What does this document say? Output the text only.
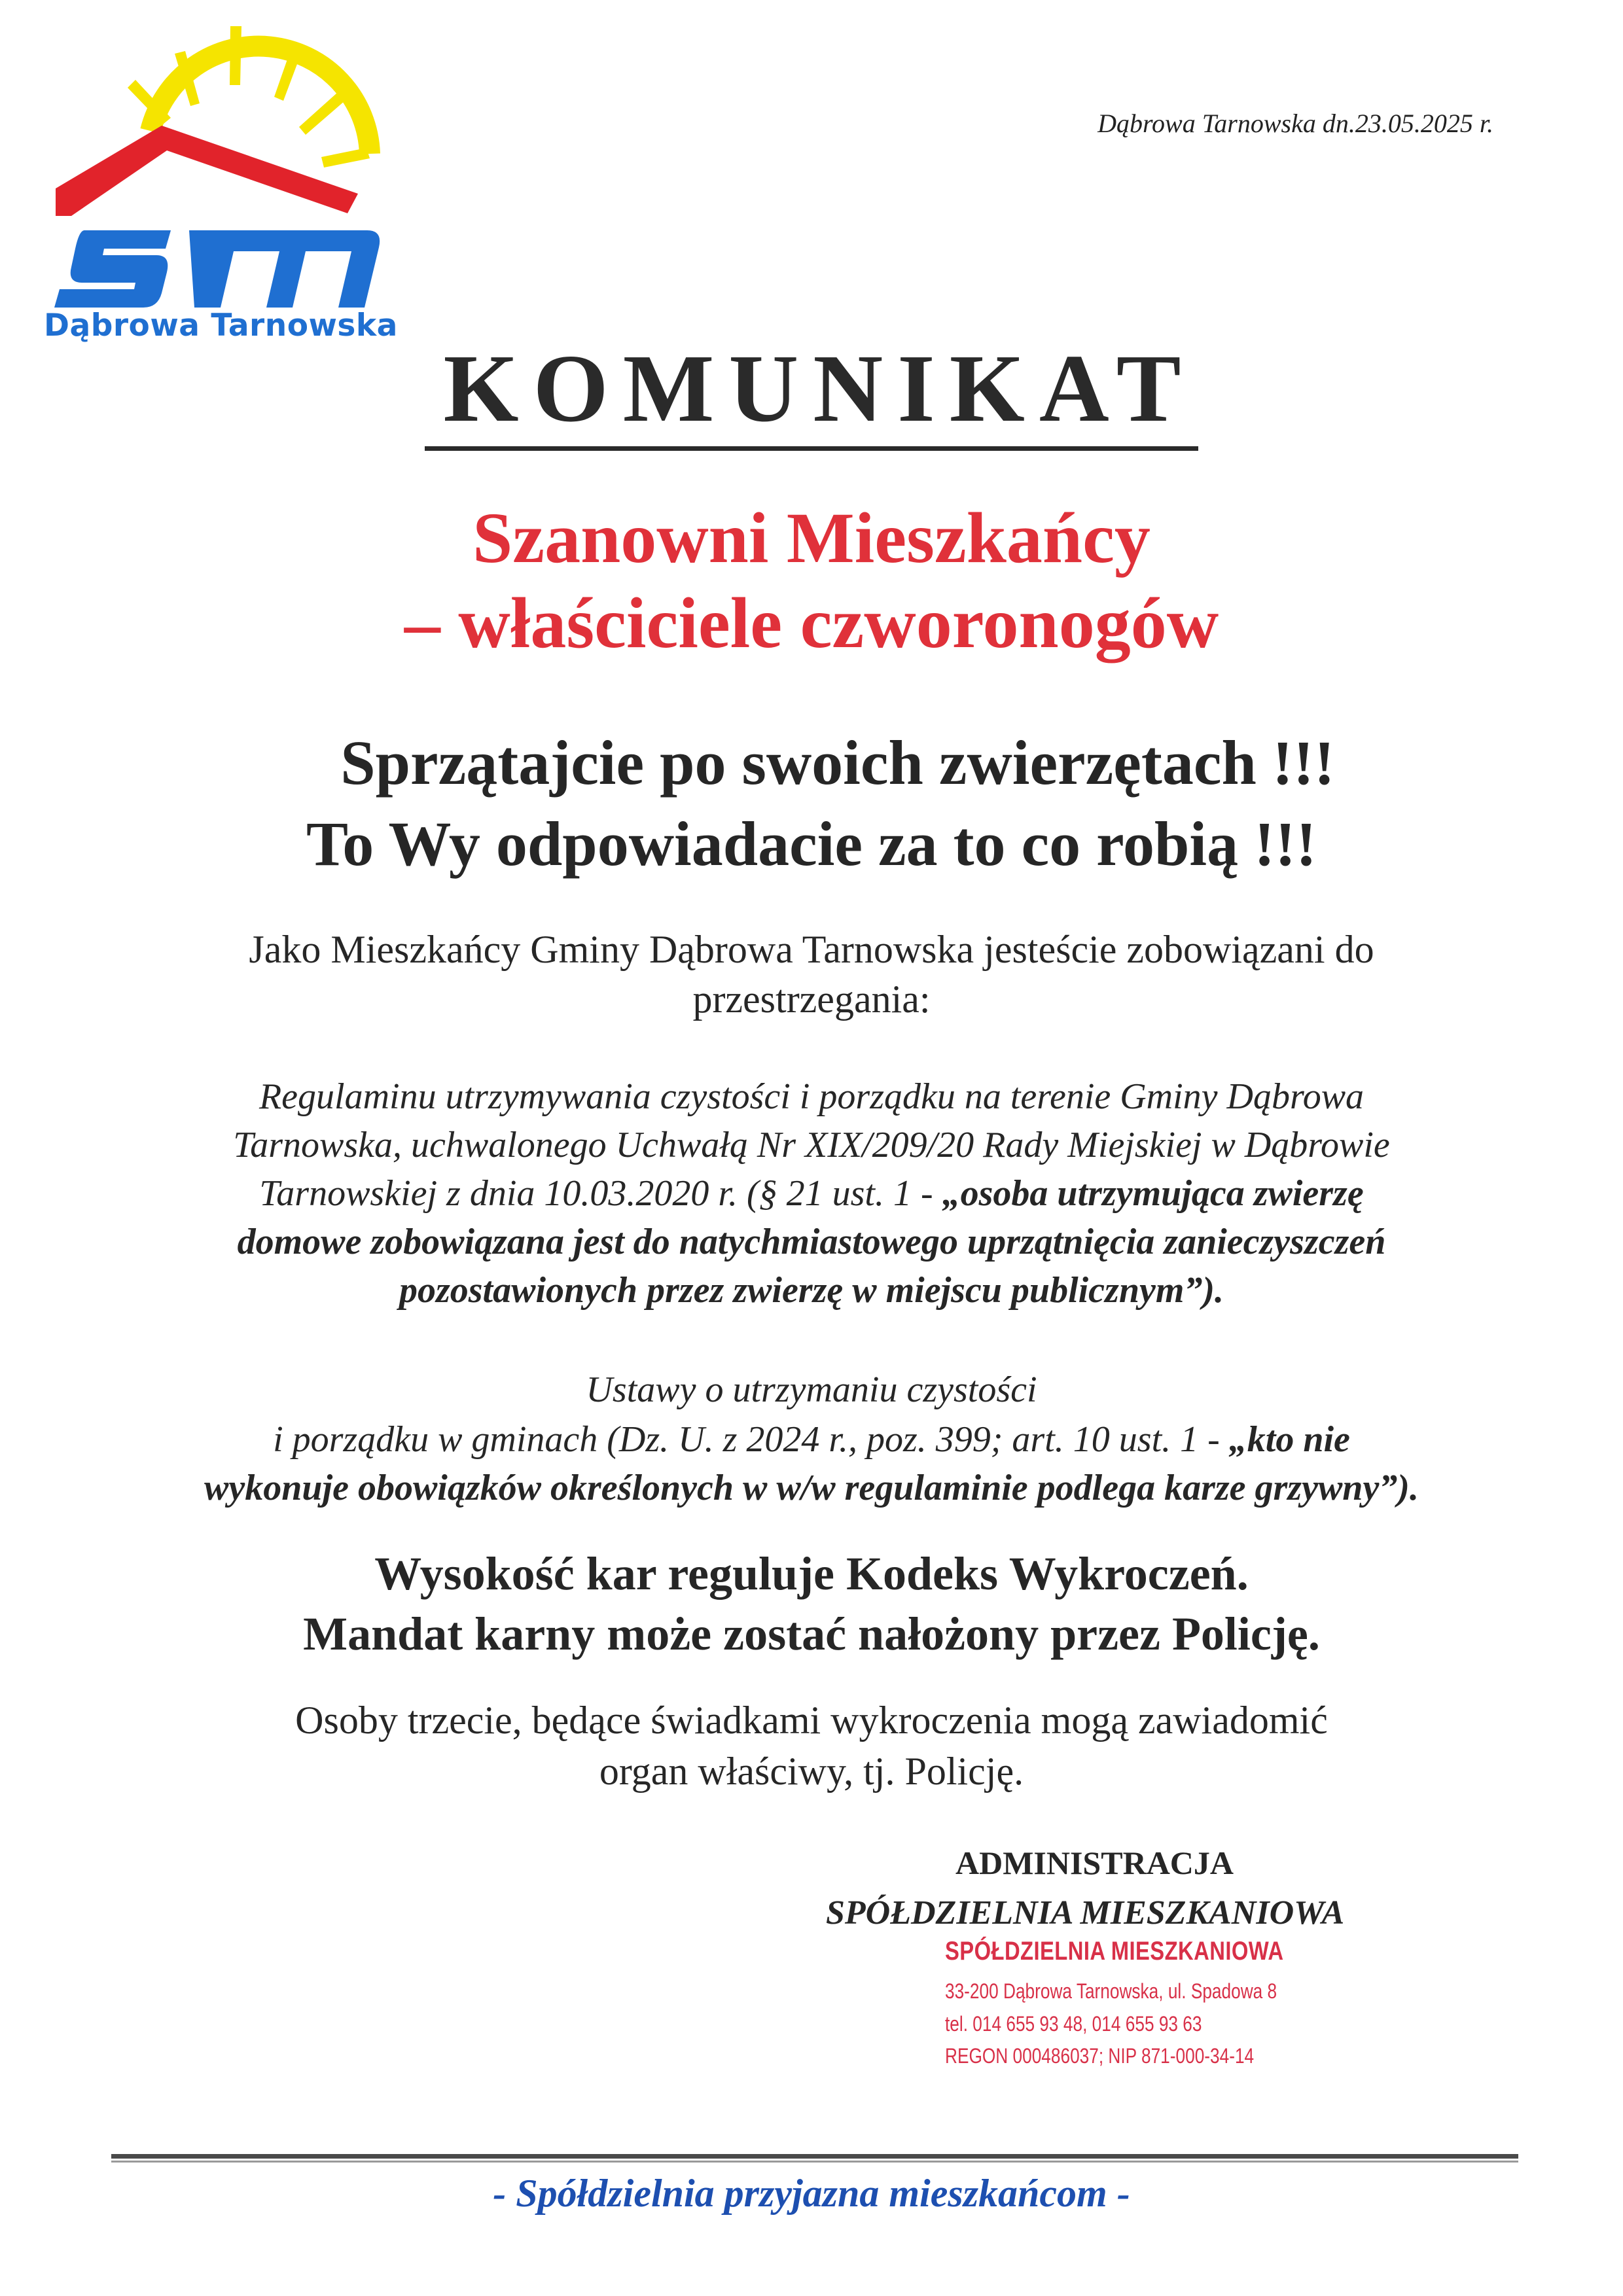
Dąbrowa Tarnowska
Dąbrowa Tarnowska dn.23.05.2025 r.
KOMUNIKAT
Szanowni Mieszkańcy
– właściciele czworonogów
Sprzątajcie po swoich zwierzętach !!!
To Wy odpowiadacie za to co robią !!!
Jako Mieszkańcy Gminy Dąbrowa Tarnowska jesteście zobowiązani do
przestrzegania:
Regulaminu utrzymywania czystości i porządku na terenie Gminy Dąbrowa
Tarnowska, uchwalonego Uchwałą Nr XIX/209/20 Rady Miejskiej w Dąbrowie
Tarnowskiej z dnia 10.03.2020 r. (§ 21 ust. 1 - „osoba utrzymująca zwierzę
domowe zobowiązana jest do natychmiastowego uprzątnięcia zanieczyszczeń
pozostawionych przez zwierzę w miejscu publicznym”).
Ustawy o utrzymaniu czystości
i porządku w gminach (Dz. U. z 2024 r., poz. 399; art. 10 ust. 1 - „kto nie
wykonuje obowiązków określonych w w/w regulaminie podlega karze grzywny”).
Wysokość kar reguluje Kodeks Wykroczeń.
Mandat karny może zostać nałożony przez Policję.
Osoby trzecie, będące świadkami wykroczenia mogą zawiadomić
organ właściwy, tj. Policję.
ADMINISTRACJA
SPÓŁDZIELNIA MIESZKANIOWA
SPÓŁDZIELNIA MIESZKANIOWA
33-200 Dąbrowa Tarnowska, ul. Spadowa 8
tel. 014 655 93 48, 014 655 93 63
REGON 000486037; NIP 871-000-34-14
- Spółdzielnia przyjazna mieszkańcom -
